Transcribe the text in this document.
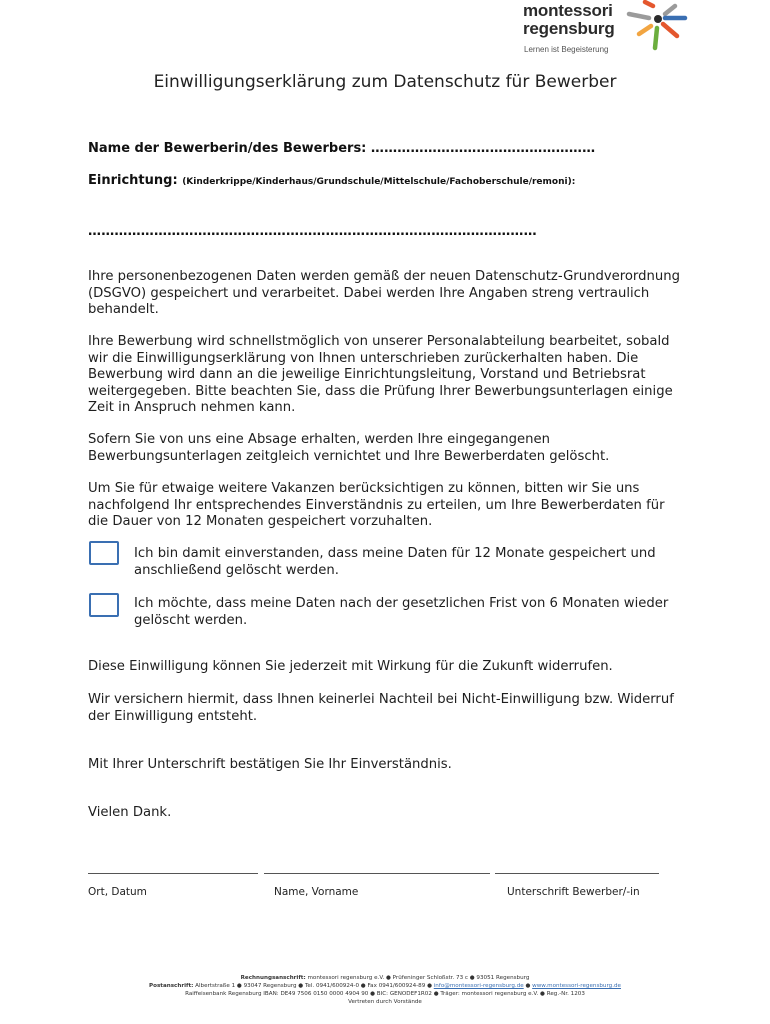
montessori
regensburg
Lernen ist Begeisterung
Einwilligungserklärung zum Datenschutz für Bewerber
Name der Bewerberin/des Bewerbers: ……………………………………………
Einrichtung: (Kinderkrippe/Kinderhaus/Grundschule/Mittelschule/Fachoberschule/remoni):
…………………………………………………………………………………………

Ihre personenbezogenen Daten werden gemäß der neuen Datenschutz-Grundverordnung (DSGVO) gespeichert und verarbeitet. Dabei werden Ihre Angaben streng vertraulich behandelt.

Ihre Bewerbung wird schnellstmöglich von unserer Personalabteilung bearbeitet, sobald wir die Einwilligungserklärung von Ihnen unterschrieben zurückerhalten haben. Die Bewerbung wird dann an die jeweilige Einrichtungsleitung, Vorstand und Betriebsrat weitergegeben. Bitte beachten Sie, dass die Prüfung Ihrer Bewerbungsunterlagen einige Zeit in Anspruch nehmen kann.

Sofern Sie von uns eine Absage erhalten, werden Ihre eingegangenen Bewerbungsunterlagen zeitgleich vernichtet und Ihre Bewerberdaten gelöscht.

Um Sie für etwaige weitere Vakanzen berücksichtigen zu können, bitten wir Sie uns nachfolgend Ihr entsprechendes Einverständnis zu erteilen, um Ihre Bewerberdaten für die Dauer von 12 Monaten gespeichert vorzuhalten.

Ich bin damit einverstanden, dass meine Daten für 12 Monate gespeichert und anschließend gelöscht werden.
Ich möchte, dass meine Daten nach der gesetzlichen Frist von 6 Monaten wieder gelöscht werden.
Diese Einwilligung können Sie jederzeit mit Wirkung für die Zukunft widerrufen.
Wir versichern hiermit, dass Ihnen keinerlei Nachteil bei Nicht-Einwilligung bzw. Widerruf der Einwilligung entsteht.
Mit Ihrer Unterschrift bestätigen Sie Ihr Einverständnis.
Vielen Dank.
Ort, Datum	Name, Vorname	Unterschrift Bewerber/-in
Rechnungsanschrift: montessori regensburg e.V. ● Prüfeninger Schloßstr. 73 c ● 93051 Regensburg
Postanschrift: Albertstraße 1 ● 93047 Regensburg ● Tel. 0941/600924-0 ● Fax 0941/600924-89 ● info@montessori-regensburg.de ● www.montessori-regensburg.de
Raiffeisenbank Regensburg IBAN: DE49 7506 0150 0000 4904 90 ● BIC: GENODEF1R02 ● Träger: montessori regensburg e.V. ● Reg.-Nr. 1203
Vertreten durch Vorstände
